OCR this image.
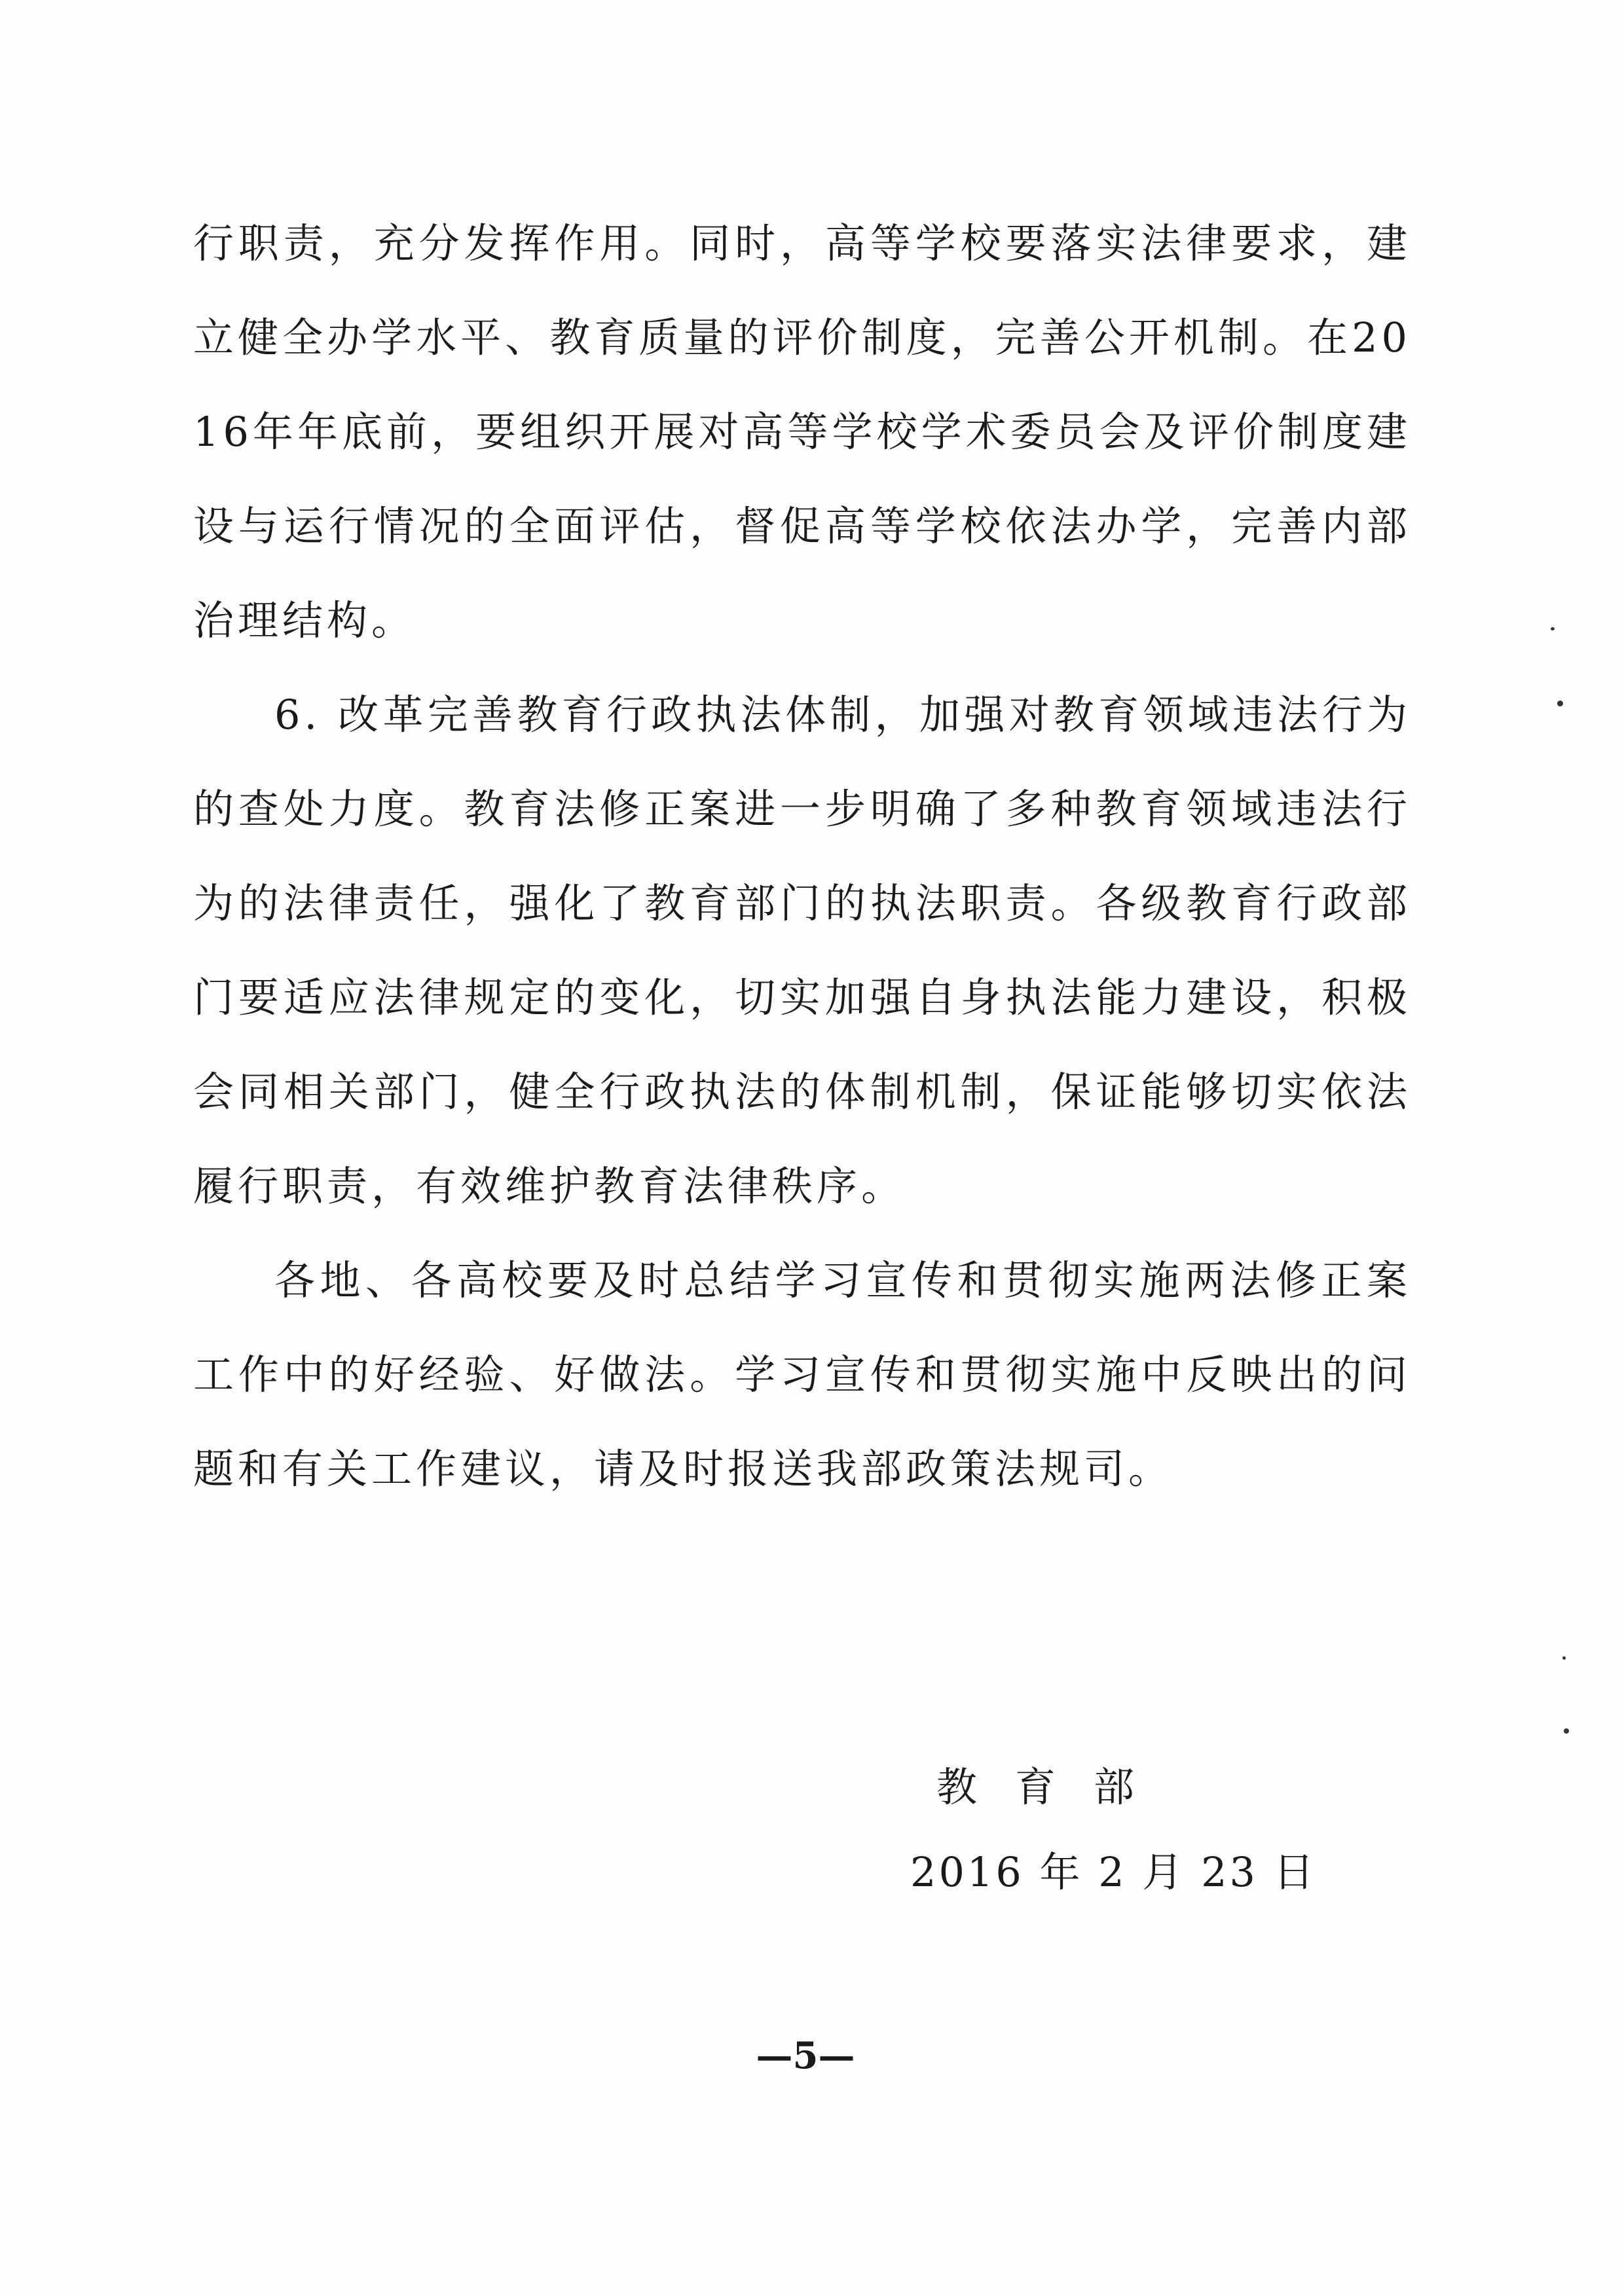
行职责，充分发挥作用。同时，高等学校要落实法律要求，建立健全办学水平、教育质量的评价制度，完善公开机制。在2016年年底前，要组织开展对高等学校学术委员会及评价制度建设与运行情况的全面评估，督促高等学校依法办学，完善内部治理结构。

6. 改革完善教育行政执法体制，加强对教育领域违法行为的查处力度。教育法修正案进一步明确了多种教育领域违法行为的法律责任，强化了教育部门的执法职责。各级教育行政部门要适应法律规定的变化，切实加强自身执法能力建设，积极会同相关部门，健全行政执法的体制机制，保证能够切实依法履行职责，有效维护教育法律秩序。

各地、各高校要及时总结学习宣传和贯彻实施两法修正案工作中的好经验、好做法。学习宣传和贯彻实施中反映出的问题和有关工作建议，请及时报送我部政策法规司。

教育部
2016 年 2 月 23 日
—5—
